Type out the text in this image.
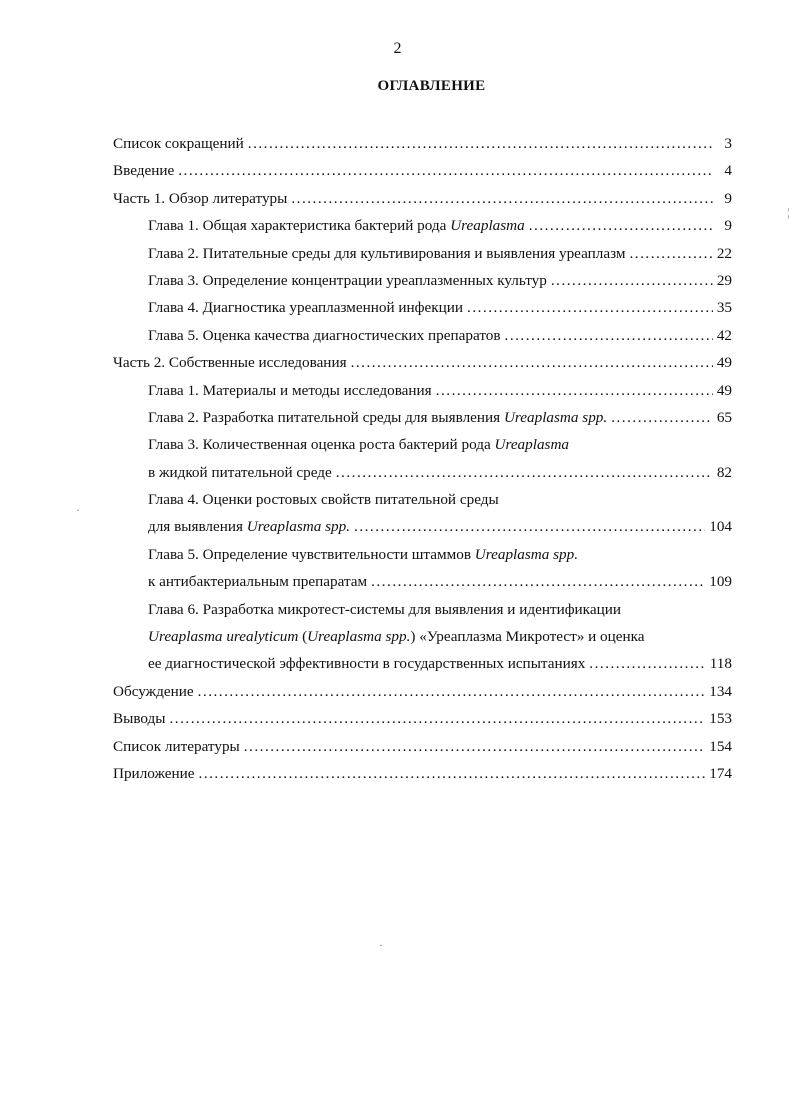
2
ОГЛАВЛЕНИЕ
Список сокращений .....	3
Введение .....	4
Часть 1. Обзор литературы .....	9
Глава 1. Общая характеристика бактерий рода Ureaplasma .....	9
Глава 2. Питательные среды для культивирования и выявления уреаплазм .....	22
Глава 3. Определение концентрации уреаплазменных культур .....	29
Глава 4. Диагностика уреаплазменной инфекции .....	35
Глава 5. Оценка качества диагностических препаратов .....	42
Часть 2. Собственные исследования .....	49
Глава 1. Материалы и методы исследования .....	49
Глава 2. Разработка питательной среды для выявления Ureaplasma spp. .....	65
Глава 3. Количественная оценка роста бактерий рода Ureaplasma
в жидкой питательной среде .....	82
Глава 4. Оценки ростовых свойств питательной среды
для выявления Ureaplasma spp. .....	104
Глава 5. Определение чувствительности штаммов Ureaplasma spp.
к антибактериальным препаратам .....	109
Глава 6. Разработка микротест-системы для выявления и идентификации
Ureaplasma urealyticum (Ureaplasma spp.) «Уреаплазма Микротест» и оценка
ее диагностической эффективности в государственных испытаниях .....	118
Обсуждение .....	134
Выводы .....	153
Список литературы .....	154
Приложение .....	174
¦
·
·
